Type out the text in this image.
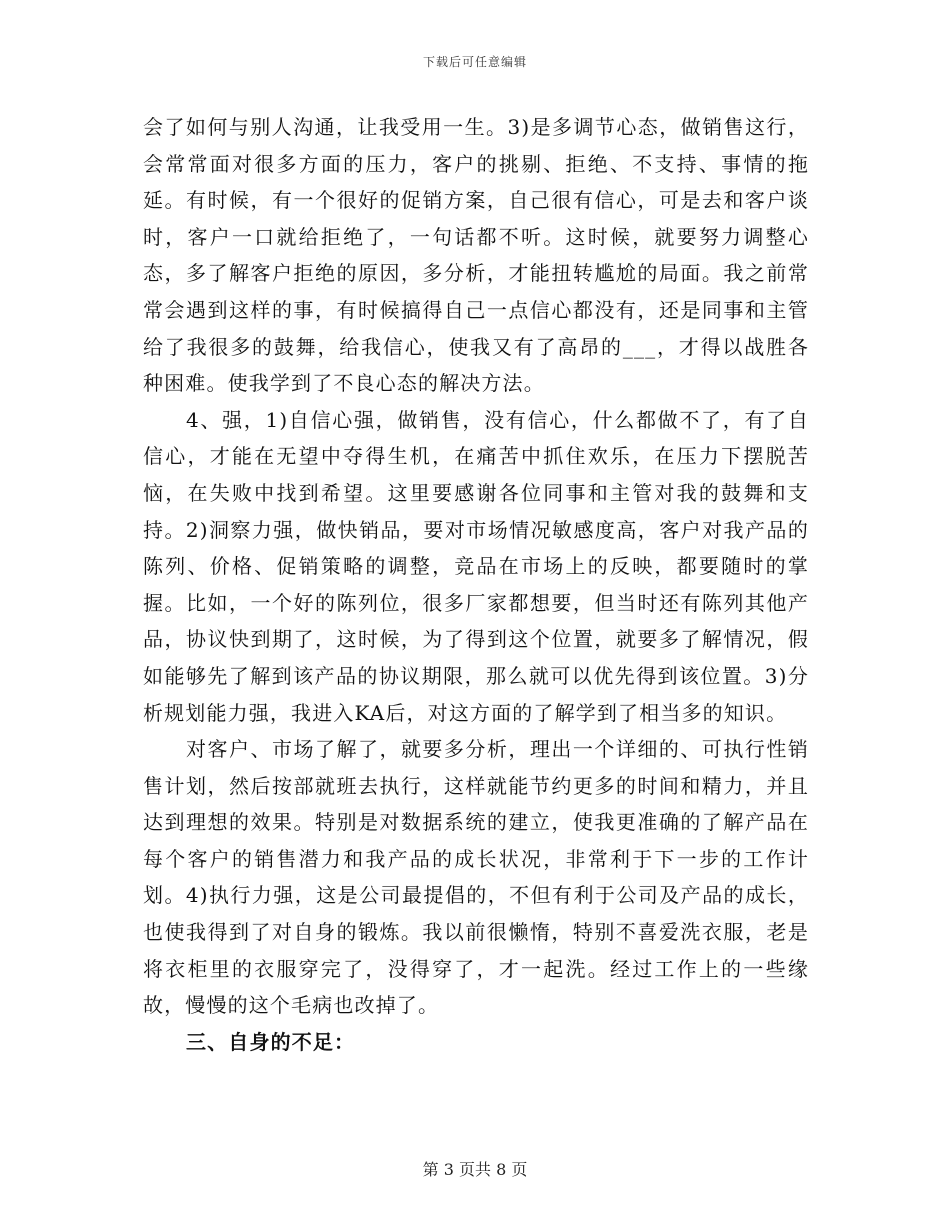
下载后可任意编辑

会了如何与别人沟通，让我受用一生。3)是多调节心态，做销售这行，会常常面对很多方面的压力，客户的挑剔、拒绝、不支持、事情的拖延。有时候，有一个很好的促销方案，自己很有信心，可是去和客户谈时，客户一口就给拒绝了，一句话都不听。这时候，就要努力调整心态，多了解客户拒绝的原因，多分析，才能扭转尴尬的局面。我之前常常会遇到这样的事，有时候搞得自己一点信心都没有，还是同事和主管给了我很多的鼓舞，给我信心，使我又有了高昂的___，才得以战胜各种困难。使我学到了不良心态的解决方法。

4、强，1)自信心强，做销售，没有信心，什么都做不了，有了自信心，才能在无望中夺得生机，在痛苦中抓住欢乐，在压力下摆脱苦恼，在失败中找到希望。这里要感谢各位同事和主管对我的鼓舞和支持。2)洞察力强，做快销品，要对市场情况敏感度高，客户对我产品的陈列、价格、促销策略的调整，竞品在市场上的反映，都要随时的掌握。比如，一个好的陈列位，很多厂家都想要，但当时还有陈列其他产品，协议快到期了，这时候，为了得到这个位置，就要多了解情况，假如能够先了解到该产品的协议期限，那么就可以优先得到该位置。3)分析规划能力强，我进入KA后，对这方面的了解学到了相当多的知识。

对客户、市场了解了，就要多分析，理出一个详细的、可执行性销售计划，然后按部就班去执行，这样就能节约更多的时间和精力，并且达到理想的效果。特别是对数据系统的建立，使我更准确的了解产品在每个客户的销售潜力和我产品的成长状况，非常利于下一步的工作计划。4)执行力强，这是公司最提倡的，不但有利于公司及产品的成长，也使我得到了对自身的锻炼。我以前很懒惰，特别不喜爱洗衣服，老是将衣柜里的衣服穿完了，没得穿了，才一起洗。经过工作上的一些缘故，慢慢的这个毛病也改掉了。

三、自身的不足：

第 3 页共 8 页
